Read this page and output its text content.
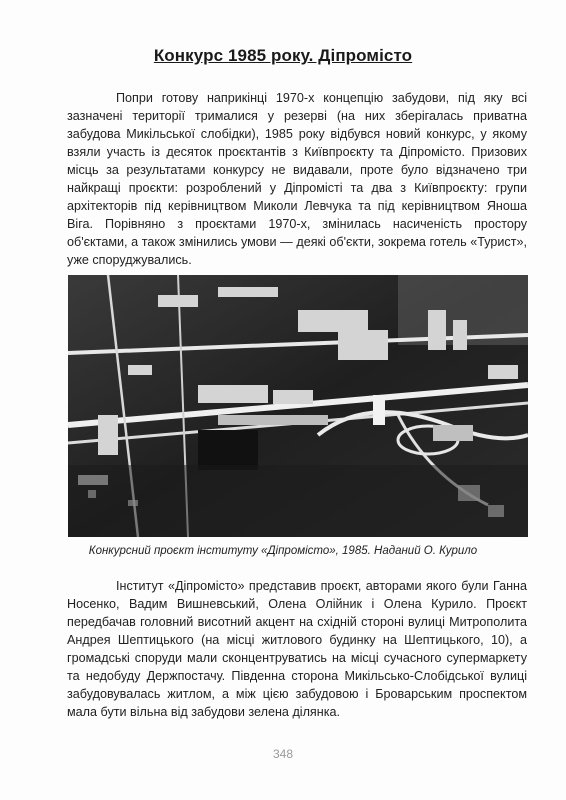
Конкурс 1985 року. Діпромісто

Попри готову наприкінці 1970-х концепцію забудови, під яку всі зазначені території трималися у резерві (на них зберігалась приватна забудова Микільської слобідки), 1985 року відбувся новий конкурс, у якому взяли участь із десяток проєктантів з Київпроєкту та Діпромісто. Призових місць за результатами конкурсу не видавали, проте було відзначено три найкращі проєкти: розроблений у Діпромісті та два з Київпроєкту: групи архітекторів під керівництвом Миколи Левчука та під керівництвом Яноша Віга. Порівняно з проєктами 1970-х, змінилась насиченість простору об'єктами, а також змінились умови — деякі об'єкти, зокрема готель «Турист», уже споруджувались.

Конкурсний проєкт інституту «Діпромісто», 1985. Наданий О. Курило

Інститут «Діпромісто» представив проєкт, авторами якого були Ганна Носенко, Вадим Вишневський, Олена Олійник і Олена Курило. Проєкт передбачав головний висотний акцент на східній стороні вулиці Митрополита Андрея Шептицького (на місці житлового будинку на Шептицького, 10), а громадські споруди мали сконцентруватись на місці сучасного супермаркету та недобуду Держпостачу. Південна сторона Микільсько-Слобідської вулиці забудовувалась житлом, а між цією забудовою і Броварським проспектом мала бути вільна від забудови зелена ділянка.

348
